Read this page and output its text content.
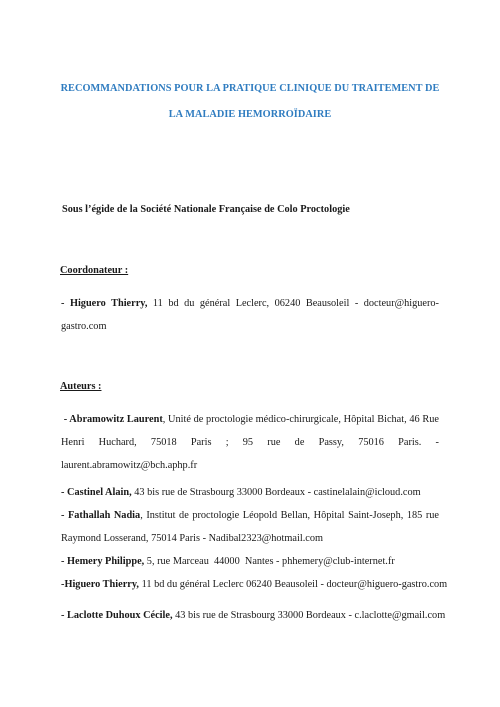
RECOMMANDATIONS POUR LA PRATIQUE CLINIQUE DU TRAITEMENT DE
LA MALADIE HEMORROÏDAIRE
Sous l’égide de la Société Nationale Française de Colo Proctologie
Coordonateur :
- Higuero Thierry, 11 bd du général Leclerc, 06240 Beausoleil - docteur@higuero-gastro.com
Auteurs :
- Abramowitz Laurent, Unité de proctologie médico-chirurgicale, Hôpital Bichat, 46 Rue Henri Huchard, 75018 Paris ; 95 rue de Passy, 75016 Paris. - laurent.abramowitz@bch.aphp.fr
- Castinel Alain, 43 bis rue de Strasbourg 33000 Bordeaux - castinelalain@icloud.com
- Fathallah Nadia, Institut de proctologie Léopold Bellan, Hôpital Saint-Joseph, 185 rue Raymond Losserand, 75014 Paris - Nadibal2323@hotmail.com
- Hemery Philippe, 5, rue Marceau  44000  Nantes - phhemery@club-internet.fr
-Higuero Thierry, 11 bd du général Leclerc 06240 Beausoleil - docteur@higuero-gastro.com
- Laclotte Duhoux Cécile, 43 bis rue de Strasbourg 33000 Bordeaux - c.laclotte@gmail.com
